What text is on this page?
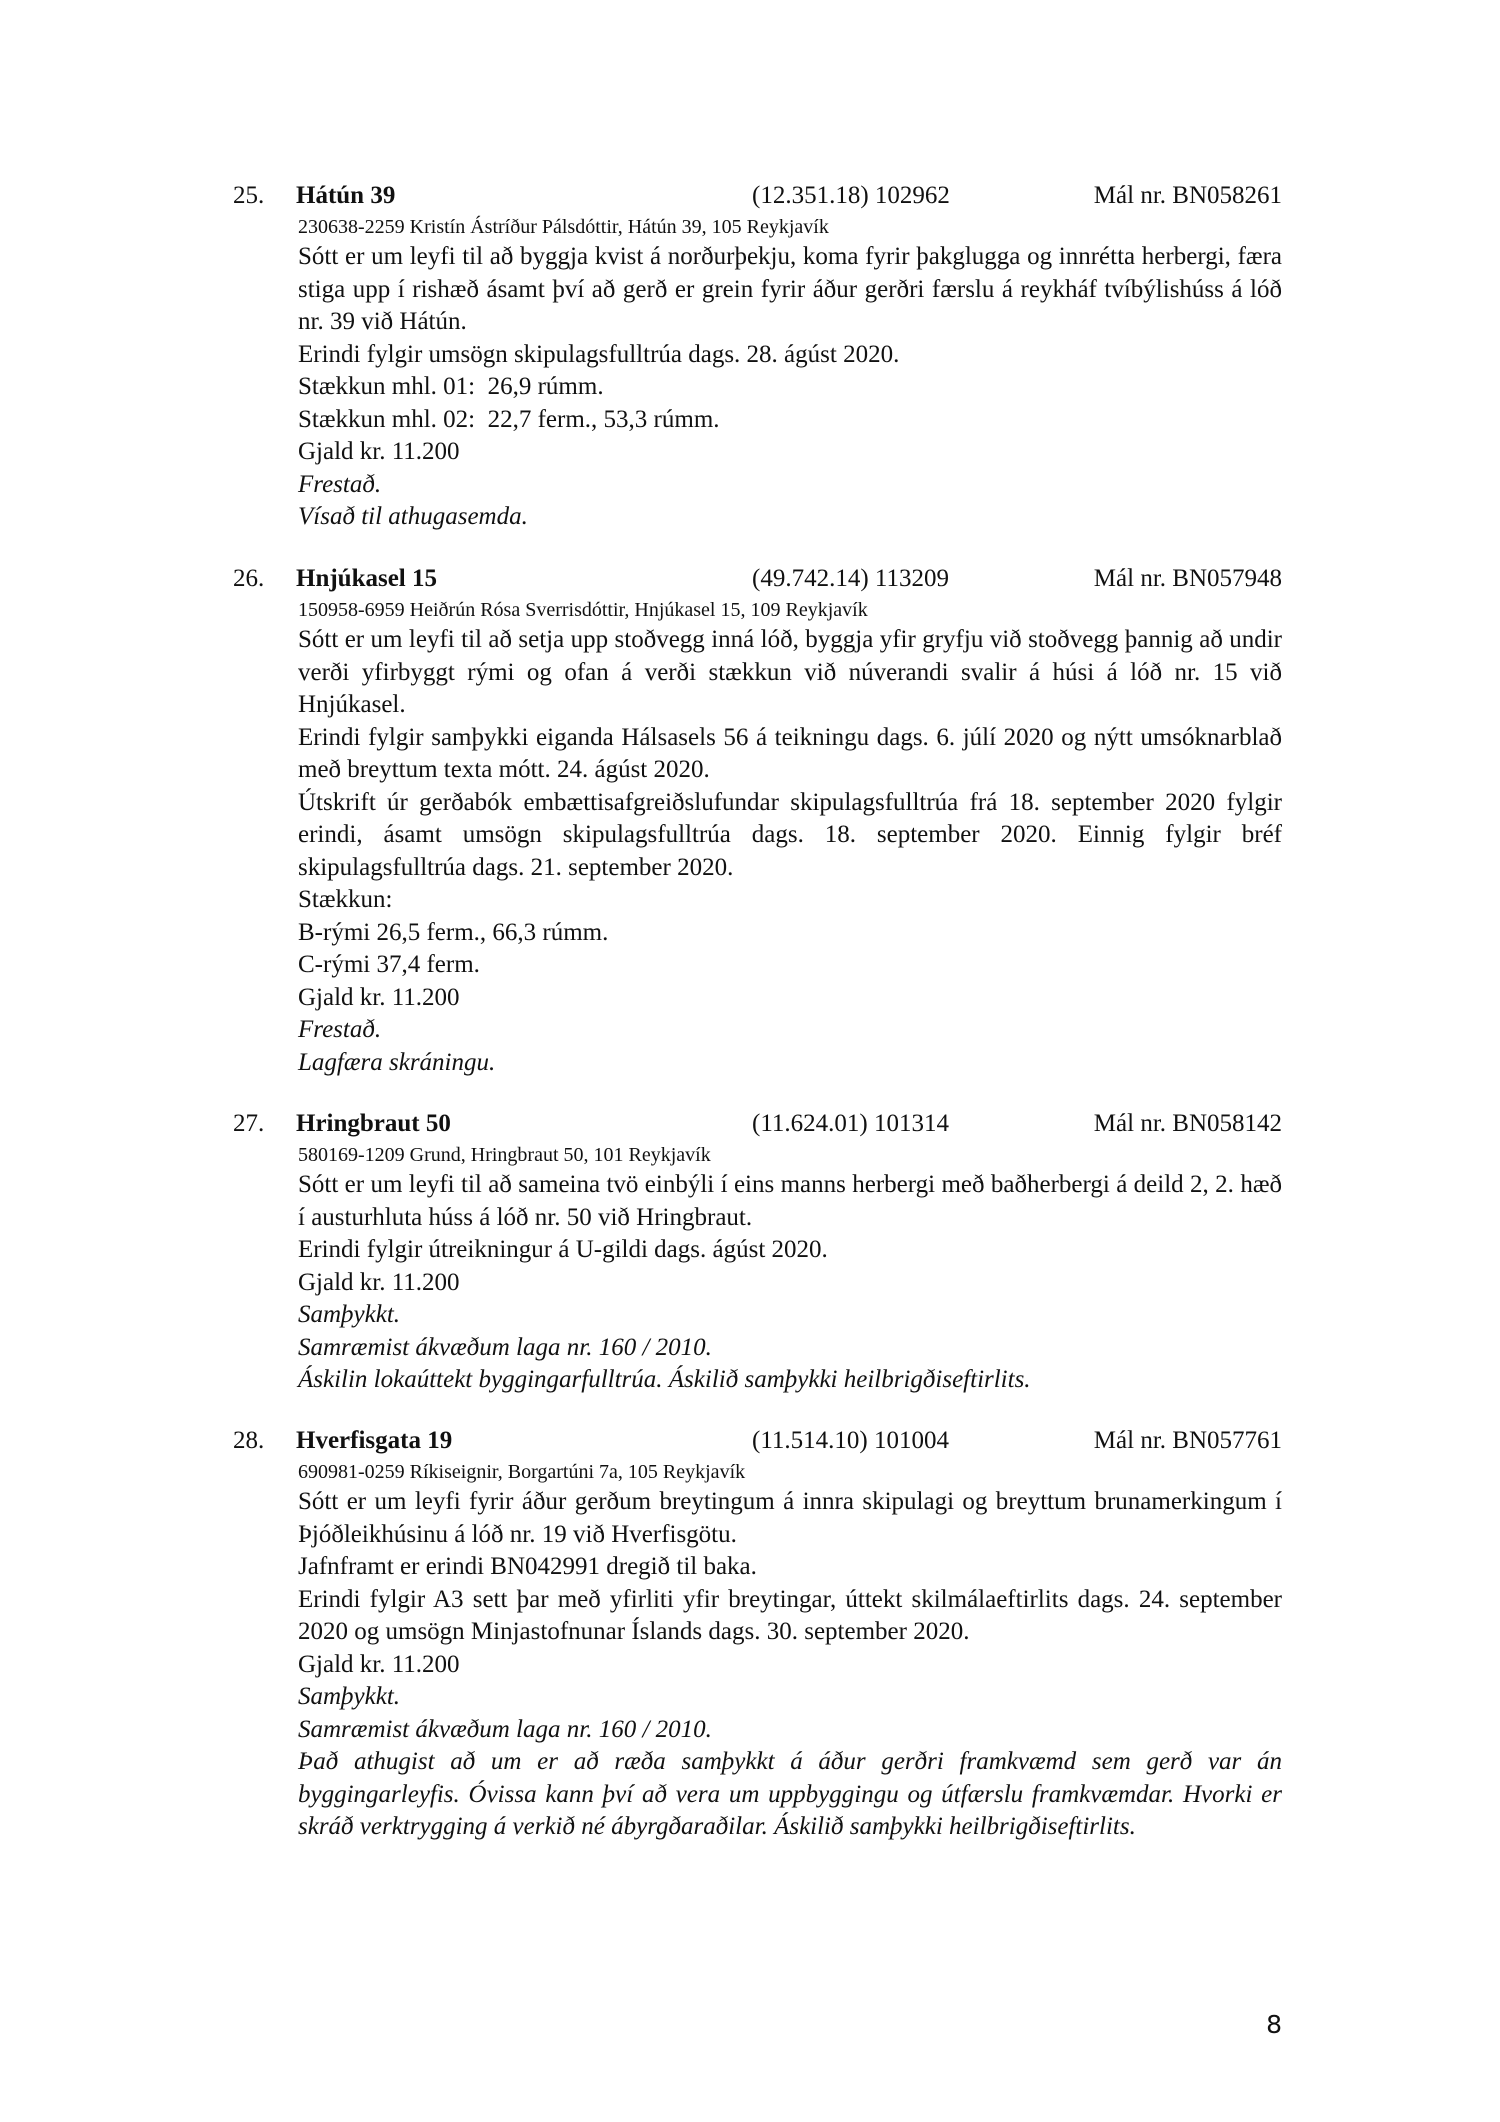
25. Hátún 39	(12.351.18) 102962	Mál nr. BN058261
230638-2259 Kristín Ástríður Pálsdóttir, Hátún 39, 105 Reykjavík

Sótt er um leyfi til að byggja kvist á norðurþekju, koma fyrir þakglugga og innrétta herbergi, færa stiga upp í rishæð ásamt því að gerð er grein fyrir áður gerðri færslu á reykháf tvíbýlishúss á lóð nr. 39 við Hátún.

Erindi fylgir umsögn skipulagsfulltrúa dags. 28. ágúst 2020.

Stækkun mhl. 01:  26,9 rúmm.

Stækkun mhl. 02:  22,7 ferm., 53,3 rúmm.

Gjald kr. 11.200

Frestað.

Vísað til athugasemda.

26. Hnjúkasel 15	(49.742.14) 113209	Mál nr. BN057948
150958-6959 Heiðrún Rósa Sverrisdóttir, Hnjúkasel 15, 109 Reykjavík

Sótt er um leyfi til að setja upp stoðvegg inná lóð, byggja yfir gryfju við stoðvegg þannig að undir verði yfirbyggt rými og ofan á verði stækkun við núverandi svalir á húsi á lóð nr. 15 við Hnjúkasel.

Erindi fylgir samþykki eiganda Hálsasels 56 á teikningu dags. 6. júlí 2020 og nýtt umsóknarblað með breyttum texta mótt. 24. ágúst 2020.

Útskrift úr gerðabók embættisafgreiðslufundar skipulagsfulltrúa frá 18. september 2020 fylgir erindi, ásamt umsögn skipulagsfulltrúa dags. 18. september 2020. Einnig fylgir bréf skipulagsfulltrúa dags. 21. september 2020.

Stækkun:

B-rými 26,5 ferm., 66,3 rúmm.

C-rými 37,4 ferm.

Gjald kr. 11.200

Frestað.

Lagfæra skráningu.

27. Hringbraut 50	(11.624.01) 101314	Mál nr. BN058142
580169-1209 Grund, Hringbraut 50, 101 Reykjavík

Sótt er um leyfi til að sameina tvö einbýli í eins manns herbergi með baðherbergi á deild 2, 2. hæð í austurhluta húss á lóð nr. 50 við Hringbraut.

Erindi fylgir útreikningur á U-gildi dags. ágúst 2020.

Gjald kr. 11.200

Samþykkt.

Samræmist ákvæðum laga nr. 160 / 2010.

Áskilin lokaúttekt byggingarfulltrúa. Áskilið samþykki heilbrigðiseftirlits.

28. Hverfisgata 19	(11.514.10) 101004	Mál nr. BN057761
690981-0259 Ríkiseignir, Borgartúni 7a, 105 Reykjavík

Sótt er um leyfi fyrir áður gerðum breytingum á innra skipulagi og breyttum brunamerkingum í Þjóðleikhúsinu á lóð nr. 19 við Hverfisgötu.

Jafnframt er erindi BN042991 dregið til baka.

Erindi fylgir A3 sett þar með yfirliti yfir breytingar, úttekt skilmálaeftirlits dags. 24. september 2020 og umsögn Minjastofnunar Íslands dags. 30. september 2020.

Gjald kr. 11.200

Samþykkt.

Samræmist ákvæðum laga nr. 160 / 2010.

Það athugist að um er að ræða samþykkt á áður gerðri framkvæmd sem gerð var án byggingarleyfis. Óvissa kann því að vera um uppbyggingu og útfærslu framkvæmdar. Hvorki er skráð verktrygging á verkið né ábyrgðaraðilar. Áskilið samþykki heilbrigðiseftirlits.

8
